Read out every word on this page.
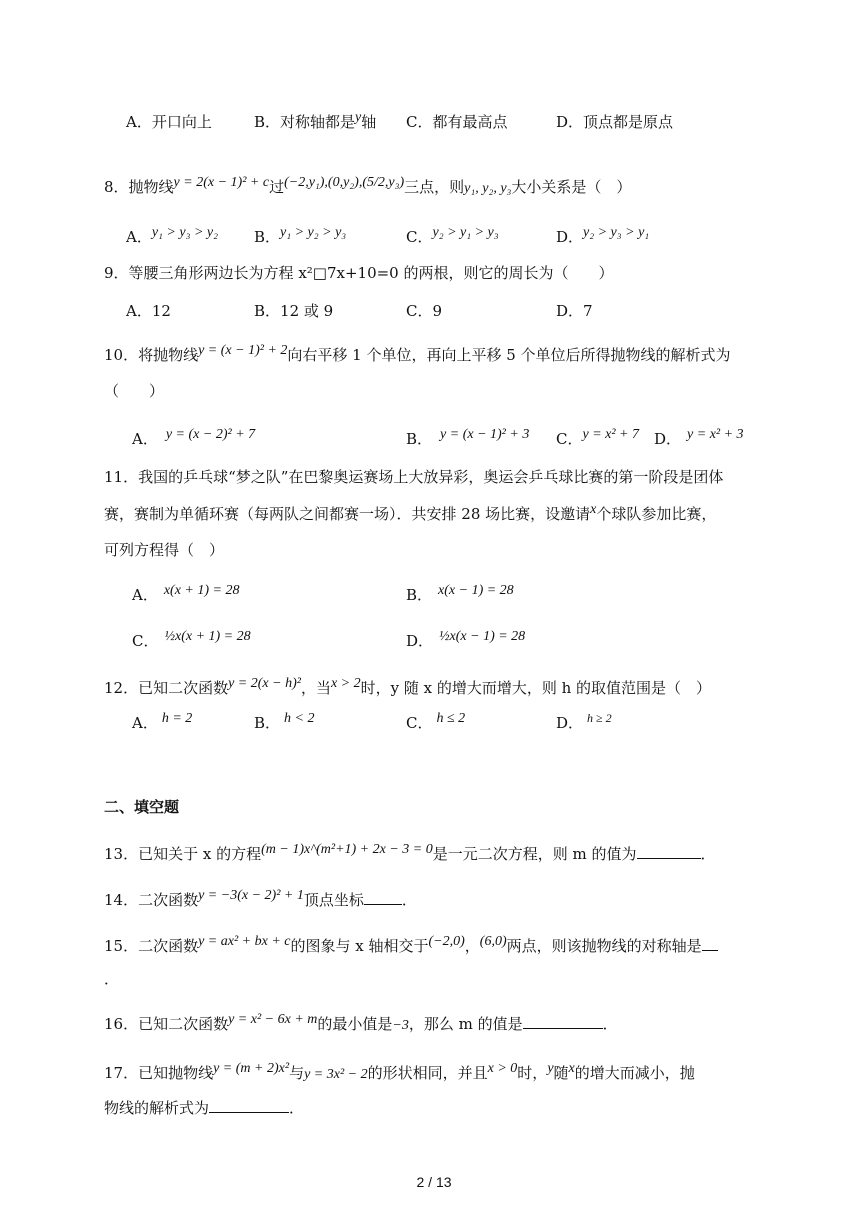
A．开口向上	B．对称轴都是y轴 C．都有最高点	D．顶点都是原点
8．抛物线y = 2(x − 1)² + c过(−2,y₁),(0,y₂),(5/2,y₃)三点，则y₁, y₂, y₃大小关系是（　）
A．y₁ > y₃ > y₂ B．y₁ > y₂ > y₃	C．y₂ > y₁ > y₃	D．y₂ > y₃ > y₁
9．等腰三角形两边长为方程 x²□7x+10=0 的两根，则它的周长为（　　）
A．12	B．12 或 9	C．9	D．7
10．将抛物线y = (x − 1)² + 2向右平移 1 个单位，再向上平移 5 个单位后所得抛物线的解析式为
（　　）
A． y = (x − 2)² + 7	B． y = (x − 1)² + 3 C．y = x² + 7 D． y = x² + 3
11．我国的乒乓球“梦之队”在巴黎奥运赛场上大放异彩，奥运会乒乓球比赛的第一阶段是团体
赛，赛制为单循环赛（每两队之间都赛一场）．共安排 28 场比赛，设邀请x个球队参加比赛，
可列方程得（　）
A． x(x + 1) = 28	B． x(x − 1) = 28
C． ½x(x + 1) = 28	D． ½x(x − 1) = 28
12．已知二次函数y = 2(x − h)²，当x > 2时，y 随 x 的增大而增大，则 h 的取值范围是（　）
A． h = 2	B． h < 2	C． h ≤ 2	D． $^{h \ge 2}$
二、填空题
13．已知关于 x 的方程(m − 1)x^(m²+1) + 2x − 3 = 0是一元二次方程，则 m 的值为	．
14．二次函数y = −3(x − 2)² + 1顶点坐标	．
15．二次函数y = ax² + bx + c的图象与 x 轴相交于(−2,0)，(6,0)两点，则该抛物线的对称轴是
．
16．已知二次函数y = x² − 6x + m的最小值是−3，那么 m 的值是	．
17．已知抛物线y = (m + 2)x²与y = 3x² − 2的形状相同，并且x > 0时，y随x的增大而减小，抛
物线的解析式为	．
2 / 13
